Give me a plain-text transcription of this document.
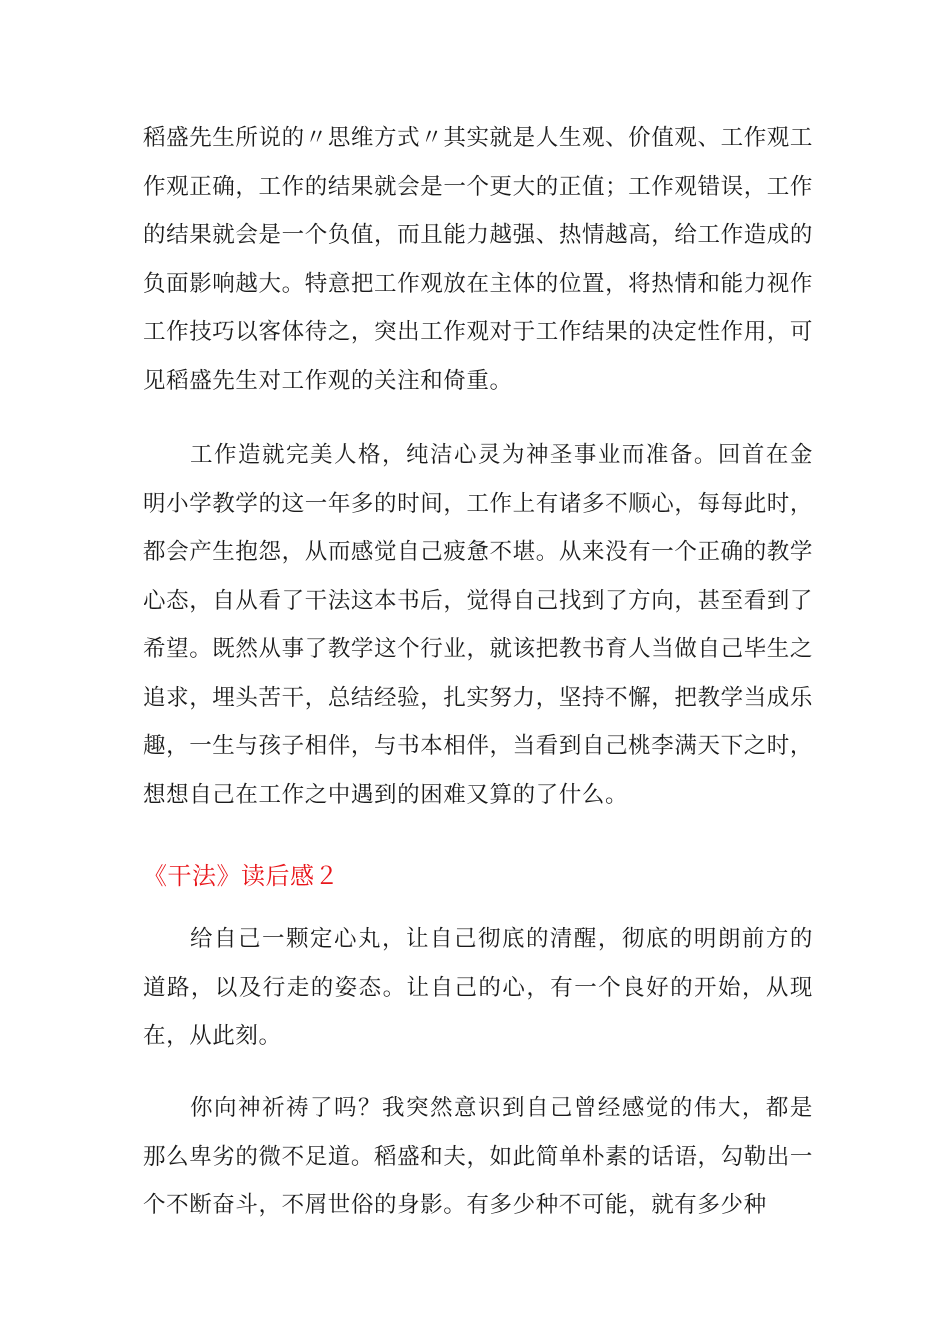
稻盛先生所说的〃思维方式〃其实就是人生观、价值观、工作观工作观正确，工作的结果就会是一个更大的正值；工作观错误，工作的结果就会是一个负值，而且能力越强、热情越高，给工作造成的负面影响越大。特意把工作观放在主体的位置，将热情和能力视作工作技巧以客体待之，突出工作观对于工作结果的决定性作用，可见稻盛先生对工作观的关注和倚重。

工作造就完美人格，纯洁心灵为神圣事业而准备。回首在金明小学教学的这一年多的时间，工作上有诸多不顺心，每每此时，都会产生抱怨，从而感觉自己疲惫不堪。从来没有一个正确的教学心态，自从看了干法这本书后，觉得自己找到了方向，甚至看到了希望。既然从事了教学这个行业，就该把教书育人当做自己毕生之追求，埋头苦干，总结经验，扎实努力，坚持不懈，把教学当成乐趣，一生与孩子相伴，与书本相伴，当看到自己桃李满天下之时，想想自己在工作之中遇到的困难又算的了什么。

《干法》读后感２

给自己一颗定心丸，让自己彻底的清醒，彻底的明朗前方的道路，以及行走的姿态。让自己的心，有一个良好的开始，从现在，从此刻。

你向神祈祷了吗？我突然意识到自己曾经感觉的伟大，都是那么卑劣的微不足道。稻盛和夫，如此简单朴素的话语，勾勒出一个不断奋斗，不屑世俗的身影。有多少种不可能，就有多少种
